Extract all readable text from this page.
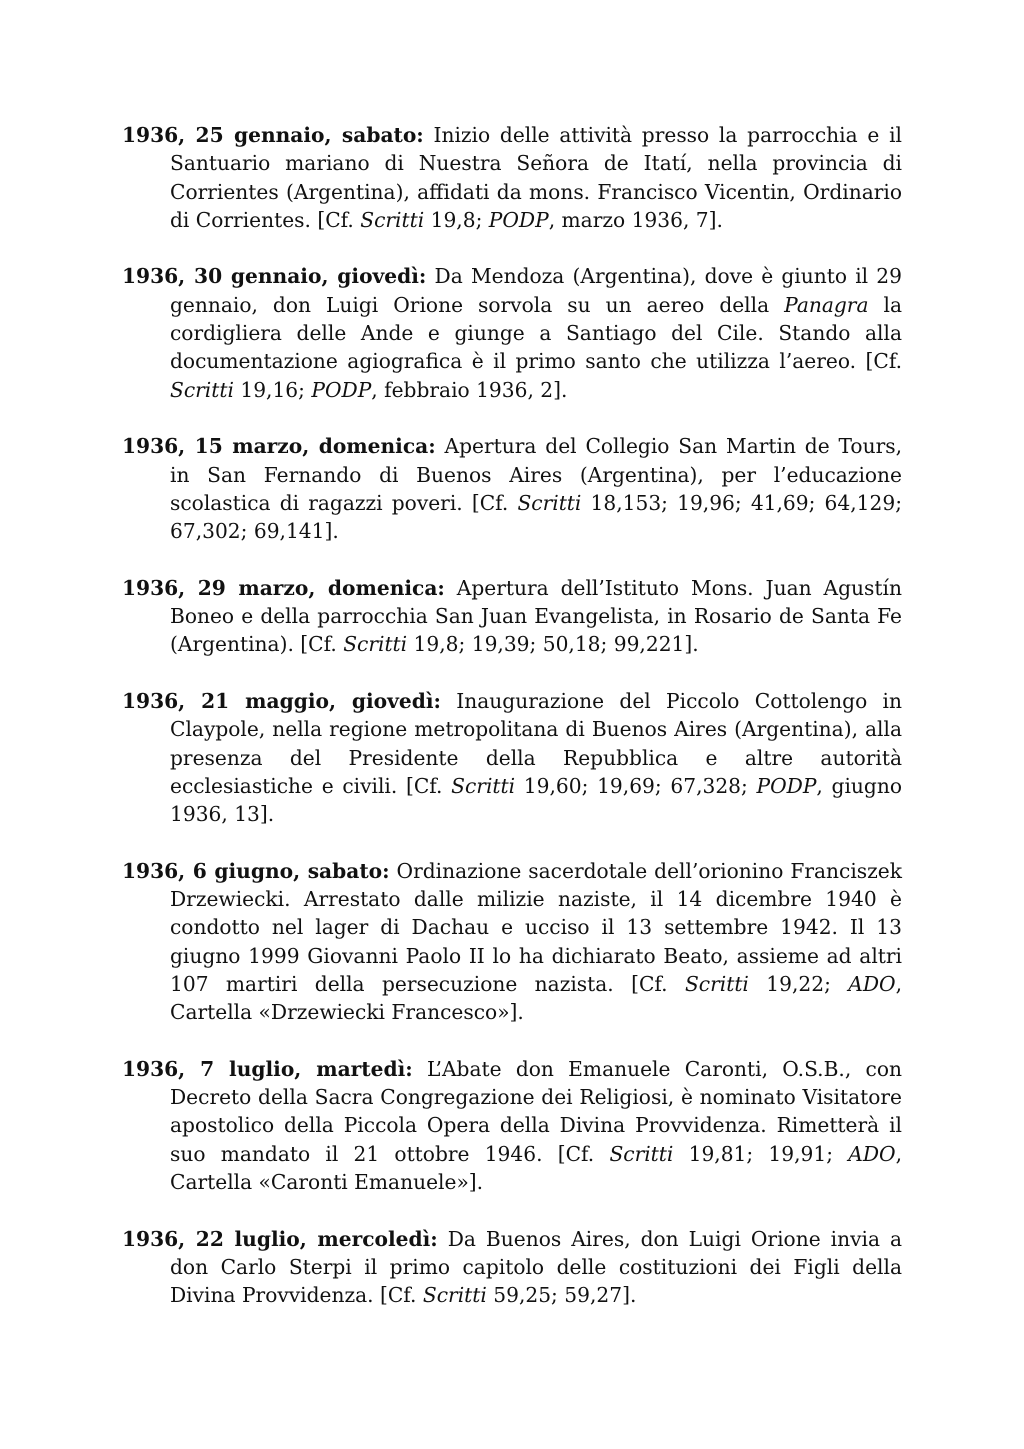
1936, 25 gennaio, sabato: Inizio delle attività presso la parrocchia e il Santuario mariano di Nuestra Señora de Itatí, nella provincia di Corrientes (Argentina), affidati da mons. Francisco Vicentin, Ordinario di Corrientes. [Cf. Scritti 19,8; PODP, marzo 1936, 7].

1936, 30 gennaio, giovedì: Da Mendoza (Argentina), dove è giunto il 29 gennaio, don Luigi Orione sorvola su un aereo della Panagra la cordigliera delle Ande e giunge a Santiago del Cile. Stando alla documentazione agiografica è il primo santo che utilizza l’aereo. [Cf. Scritti 19,16; PODP, febbraio 1936, 2].

1936, 15 marzo, domenica: Apertura del Collegio San Martin de Tours, in San Fernando di Buenos Aires (Argentina), per l’educazione scolastica di ragazzi poveri. [Cf. Scritti 18,153; 19,96; 41,69; 64,129; 67,302; 69,141].

1936, 29 marzo, domenica: Apertura dell’Istituto Mons. Juan Agustín Boneo e della parrocchia San Juan Evangelista, in Rosario de Santa Fe (Argentina). [Cf. Scritti 19,8; 19,39; 50,18; 99,221].

1936, 21 maggio, giovedì: Inaugurazione del Piccolo Cottolengo in Claypole, nella regione metropolitana di Buenos Aires (Argentina), alla presenza del Presidente della Repubblica e altre autorità ecclesiastiche e civili. [Cf. Scritti 19,60; 19,69; 67,328; PODP, giugno 1936, 13].

1936, 6 giugno, sabato: Ordinazione sacerdotale dell’orionino Franciszek Drzewiecki. Arrestato dalle milizie naziste, il 14 dicembre 1940 è condotto nel lager di Dachau e ucciso il 13 settembre 1942. Il 13 giugno 1999 Giovanni Paolo II lo ha dichiarato Beato, assieme ad altri 107 martiri della persecuzione nazista. [Cf. Scritti 19,22; ADO, Cartella «Drzewiecki Francesco»].

1936, 7 luglio, martedì: L’Abate don Emanuele Caronti, O.S.B., con Decreto della Sacra Congregazione dei Religiosi, è nominato Visitatore apostolico della Piccola Opera della Divina Provvidenza. Rimetterà il suo mandato il 21 ottobre 1946. [Cf. Scritti 19,81; 19,91; ADO, Cartella «Caronti Emanuele»].

1936, 22 luglio, mercoledì: Da Buenos Aires, don Luigi Orione invia a don Carlo Sterpi il primo capitolo delle costituzioni dei Figli della Divina Provvidenza. [Cf. Scritti 59,25; 59,27].
